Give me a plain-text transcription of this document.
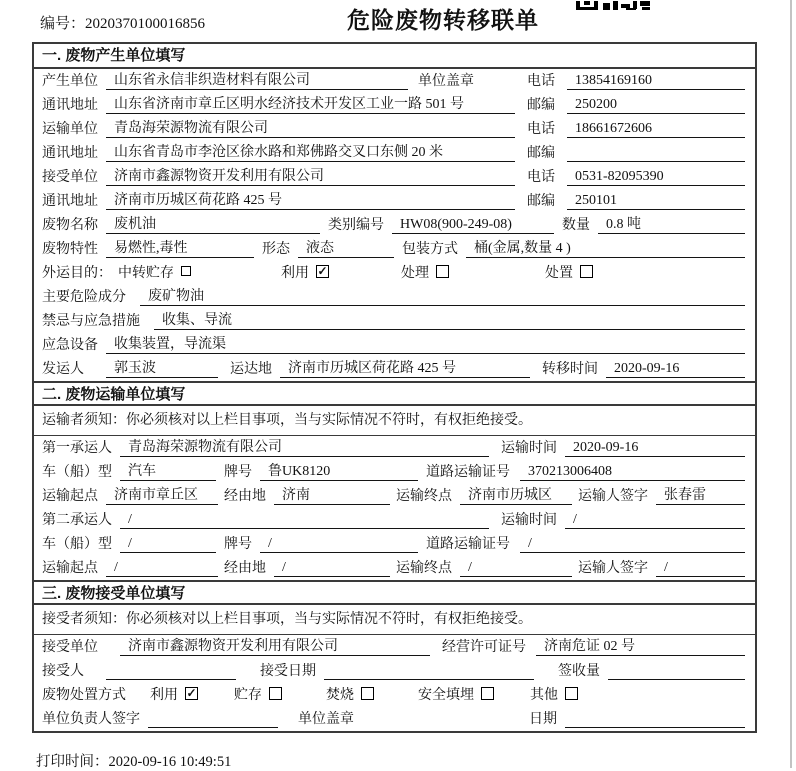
编号：2020370100016856	危险废物转移联单
一. 废物产生单位填写
产生单位	山东省永信非织造材料有限公司	单位盖章	电话	13854169160
通讯地址	山东省济南市章丘区明水经济技术开发区工业一路 501 号	邮编	250200
运输单位	青岛海荣源物流有限公司	电话	18661672606
通讯地址	山东省青岛市李沧区徐水路和郑佛路交叉口东侧 20 米	邮编
接受单位	济南市鑫源物资开发利用有限公司	电话	0531-82095390
通讯地址	济南市历城区荷花路 425 号	邮编	250101
废物名称	废机油	类别编号	HW08(900-249-08)	数量	0.8 吨
废物特性	易燃性,毒性	形态	液态	包装方式	桶(金属,数量 4 )
外运目的： 中转贮存	利用 ✓	处理	处置
主要危险成分	废矿物油
禁忌与应急措施	收集、导流
应急设备	收集装置，导流渠
发运人	郭玉波	运达地	济南市历城区荷花路 425 号	转移时间	2020-09-16
二. 废物运输单位填写
运输者须知：你必须核对以上栏目事项，当与实际情况不符时，有权拒绝接受。
第一承运人	青岛海荣源物流有限公司	运输时间	2020-09-16
车（船）型	汽车	牌号	鲁UK8120	道路运输证号	370213006408
运输起点	济南市章丘区	经由地	济南	运输终点	济南市历城区	运输人签字	张春雷
第二承运人	/	运输时间	/
车（船）型	/	牌号	/	道路运输证号	/
运输起点	/	经由地	/	运输终点	/	运输人签字	/
三. 废物接受单位填写
接受者须知：你必须核对以上栏目事项，当与实际情况不符时，有权拒绝接受。
接受单位	济南市鑫源物资开发利用有限公司	经营许可证号	济南危证 02 号
接受人	接受日期	签收量
废物处置方式	利用 ✓	贮存	焚烧	安全填埋	其他
单位负责人签字	单位盖章	日期
打印时间：2020-09-16 10:49:51
